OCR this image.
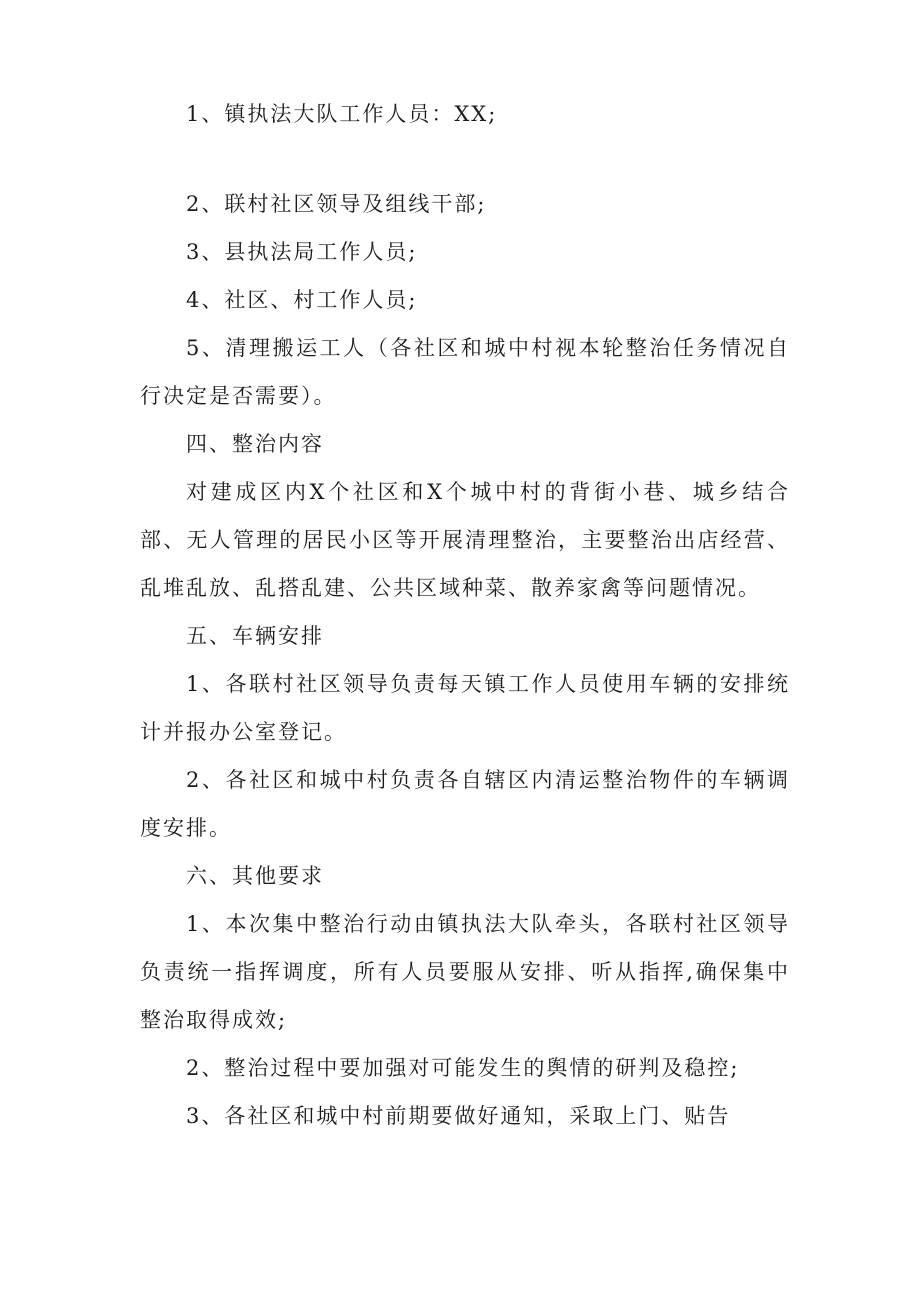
1、镇执法大队工作人员：XX;

2、联村社区领导及组线干部;

3、县执法局工作人员;

4、社区、村工作人员;

5、清理搬运工人（各社区和城中村视本轮整治任务情况自行决定是否需要）。

四、整治内容

对建成区内X个社区和X个城中村的背街小巷、城乡结合部、无人管理的居民小区等开展清理整治，主要整治出店经营、乱堆乱放、乱搭乱建、公共区域种菜、散养家禽等问题情况。

五、车辆安排

1、各联村社区领导负责每天镇工作人员使用车辆的安排统计并报办公室登记。

2、各社区和城中村负责各自辖区内清运整治物件的车辆调度安排。

六、其他要求

1、本次集中整治行动由镇执法大队牵头，各联村社区领导负责统一指挥调度，所有人员要服从安排、听从指挥,确保集中整治取得成效;

2、整治过程中要加强对可能发生的舆情的研判及稳控;

3、各社区和城中村前期要做好通知，采取上门、贴告
